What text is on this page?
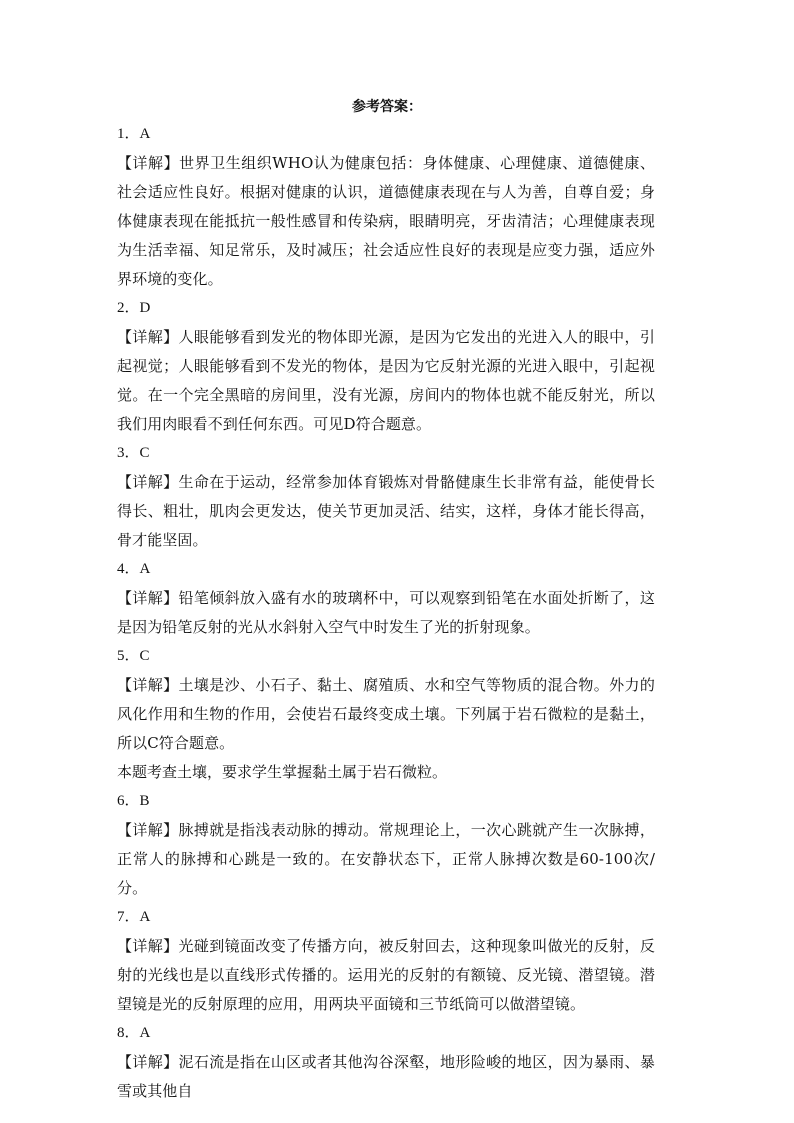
参考答案：
1．A
【详解】世界卫生组织WHO认为健康包括：身体健康、心理健康、道德健康、社会适应性良好。根据对健康的认识，道德健康表现在与人为善，自尊自爱；身体健康表现在能抵抗一般性感冒和传染病，眼睛明亮，牙齿清洁；心理健康表现为生活幸福、知足常乐，及时减压；社会适应性良好的表现是应变力强，适应外界环境的变化。
2．D
【详解】人眼能够看到发光的物体即光源，是因为它发出的光进入人的眼中，引起视觉；人眼能够看到不发光的物体，是因为它反射光源的光进入眼中，引起视觉。在一个完全黑暗的房间里，没有光源，房间内的物体也就不能反射光，所以我们用肉眼看不到任何东西。可见D符合题意。
3．C
【详解】生命在于运动，经常参加体育锻炼对骨骼健康生长非常有益，能使骨长得长、粗壮，肌肉会更发达，使关节更加灵活、结实，这样，身体才能长得高，骨才能坚固。
4．A
【详解】铅笔倾斜放入盛有水的玻璃杯中，可以观察到铅笔在水面处折断了，这是因为铅笔反射的光从水斜射入空气中时发生了光的折射现象。
5．C
【详解】土壤是沙、小石子、黏土、腐殖质、水和空气等物质的混合物。外力的风化作用和生物的作用，会使岩石最终变成土壤。下列属于岩石微粒的是黏土，所以C符合题意。
本题考查土壤，要求学生掌握黏土属于岩石微粒。
6．B
【详解】脉搏就是指浅表动脉的搏动。常规理论上，一次心跳就产生一次脉搏，正常人的脉搏和心跳是一致的。在安静状态下，正常人脉搏次数是60-100次/分。
7．A
【详解】光碰到镜面改变了传播方向，被反射回去，这种现象叫做光的反射，反射的光线也是以直线形式传播的。运用光的反射的有额镜、反光镜、潜望镜。潜望镜是光的反射原理的应用，用两块平面镜和三节纸筒可以做潜望镜。
8．A
【详解】泥石流是指在山区或者其他沟谷深壑，地形险峻的地区，因为暴雨、暴雪或其他自
